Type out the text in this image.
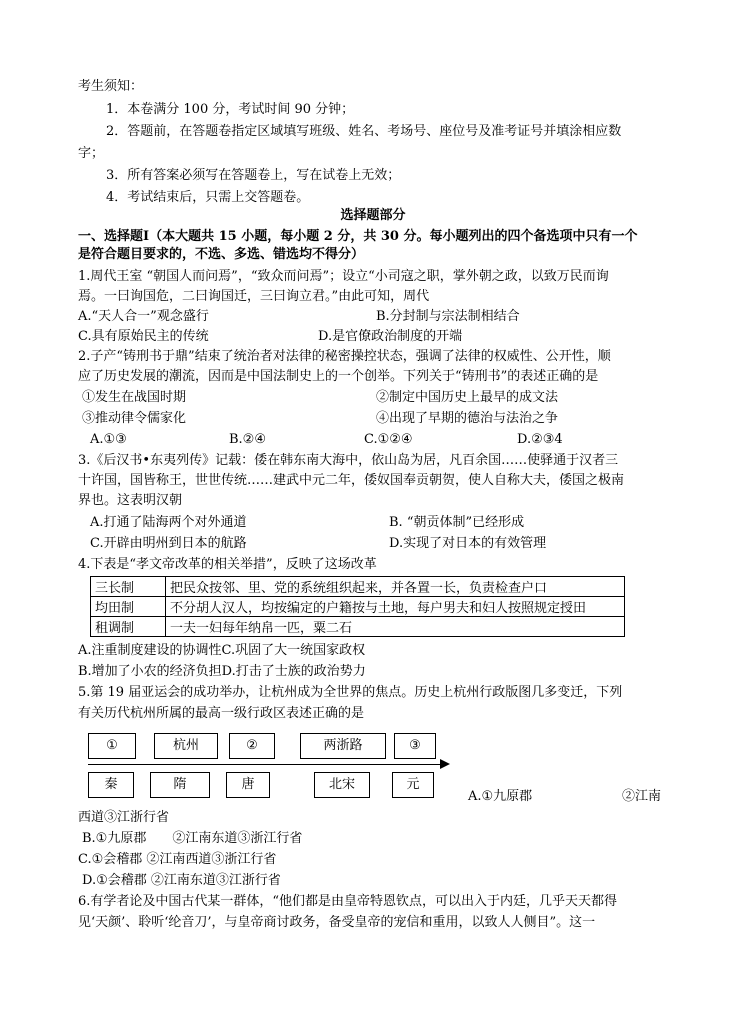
考生须知：
1．本卷满分 100 分，考试时间 90 分钟；
2．答题前，在答题卷指定区域填写班级、姓名、考场号、座位号及准考证号并填涂相应数
字；
3．所有答案必须写在答题卷上，写在试卷上无效；
4．考试结束后，只需上交答题卷。
选择题部分
一、选择题Ⅰ（本大题共 15 小题，每小题 2 分，共 30 分。每小题列出的四个备选项中只有一个
是符合题目要求的，不选、多选、错选均不得分）
1.周代王室 “朝国人而问焉”，“致众而问焉”；设立“小司寇之职，掌外朝之政，以致万民而询
焉。一曰询国危，二曰询国迁，三曰询立君。”由此可知，周代
A.“天人合一”观念盛行	B.分封制与宗法制相结合
C.具有原始民主的传统	D.是官僚政治制度的开端
2.子产“铸刑书于鼎”结束了统治者对法律的秘密操控状态，强调了法律的权威性、公开性，顺
应了历史发展的潮流，因而是中国法制史上的一个创举。下列关于“铸刑书”的表述正确的是
①发生在战国时期	②制定中国历史上最早的成文法
③推动律令儒家化	④出现了早期的德治与法治之争
A.①③	B.②④	C.①②④	D.②③4
3.《后汉书•东夷列传》记载：倭在韩东南大海中，依山岛为居，凡百余国……使驿通于汉者三
十许国，国皆称王，世世传统……建武中元二年，倭奴国奉贡朝贺，使人自称大夫，倭国之极南
界也。这表明汉朝
A.打通了陆海两个对外通道	B. “朝贡体制”已经形成
C.开辟由明州到日本的航路	D.实现了对日本的有效管理
4.下表是“孝文帝改革的相关举措”，反映了这场改革
三长制	把民众按邻、里、党的系统组织起来，并各置一长，负责检查户口
均田制	不分胡人汉人，均按编定的户籍按与土地，每户男夫和妇人按照规定授田
租调制	一夫一妇每年纳帛一匹，粟二石
A.注重制度建设的协调性C.巩固了大一统国家政权
B.增加了小农的经济负担D.打击了士族的政治势力
5.第 19 届亚运会的成功举办，让杭州成为全世界的焦点。历史上杭州行政版图几多变迁，下列
有关历代杭州所属的最高一级行政区表述正确的是
①	杭州	②	两浙路	③
秦	隋	唐	北宋	元
A.①九原郡	②江南
西道③江浙行省
B.①九原郡　　②江南东道③浙江行省
C.①会稽郡 ②江南西道③浙江行省
D.①会稽郡 ②江南东道③江浙行省
6.有学者论及中国古代某一群体，“他们都是由皇帝特恩钦点，可以出入于内廷，几乎天天都得
见‘天颜’、聆听‘纶音刀’，与皇帝商讨政务，备受皇帝的宠信和重用，以致人人侧目”。这一
